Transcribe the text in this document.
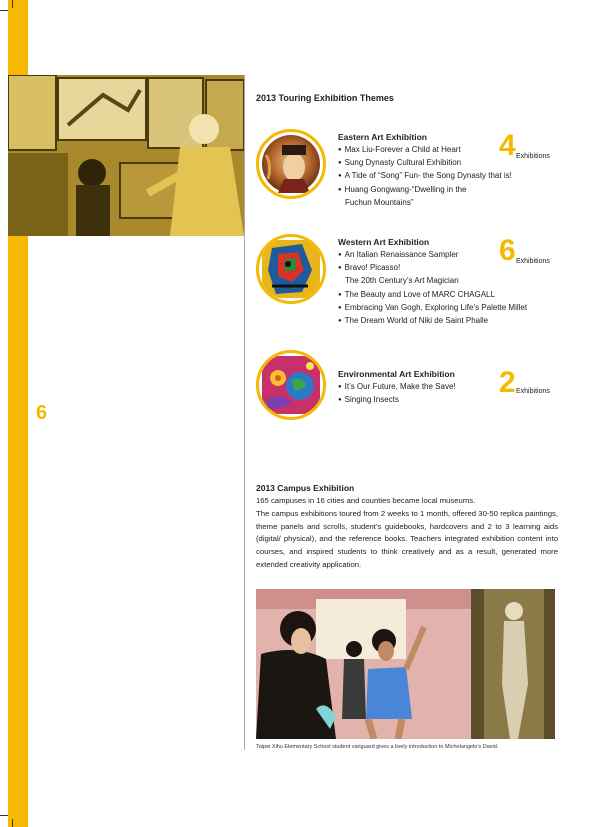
6
2013 Touring Exhibition Themes
Eastern Art Exhibition
● Max Liu-Forever a Child at Heart
● Sung Dynasty Cultural Exhibition
● A Tide of “Song” Fun- the Song Dynasty that is!
● Huang Gongwang-“Dwelling in the
Fuchun Mountains”
4 Exhibitions
Western Art Exhibition
● An Italian Renaissance Sampler
● Bravo! Picasso!
The 20th Century’s Art Magician
● The Beauty and Love of MARC CHAGALL
● Embracing Van Gogh, Exploring Life’s Palette Millet
● The Dream World of Niki de Saint Phalle
6 Exhibitions
Environmental Art Exhibition
● It’s Our Future, Make the Save!
● Singing Insects
2 Exhibitions
2013 Campus Exhibition

165 campuses in 16 cities and counties became local museums.

The campus exhibitions toured from 2 weeks to 1 month, offered 30-50 replica paintings, theme panels and scrolls, student’s guidebooks, hardcovers and 2 to 3 learning aids (digital/ physical), and the reference books. Teachers integrated exhibition content into courses, and inspired students to think creatively and as a result, generated more extended creativity application.

Taipei Xihu Elementary School student vanguard gives a lively introduction to Michelangelo’s David.
